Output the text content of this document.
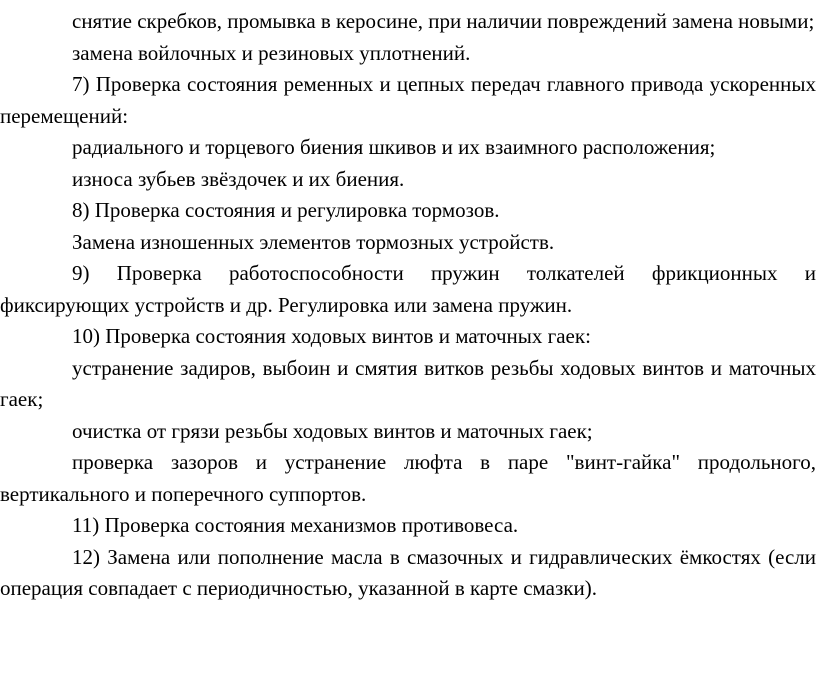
снятие скребков, промывка в керосине, при наличии повреждений замена новыми;

замена войлочных и резиновых уплотнений.

7) Проверка состояния ременных и цепных передач главного привода ускоренных перемещений:

радиального и торцевого биения шкивов и их взаимного расположения;

износа зубьев звёздочек и их биения.

8) Проверка состояния и регулировка тормозов.

Замена изношенных элементов тормозных устройств.

9) Проверка работоспособности пружин толкателей фрикционных и фиксирующих устройств и др. Регулировка или замена пружин.

10) Проверка состояния ходовых винтов и маточных гаек:

устранение задиров, выбоин и смятия витков резьбы ходовых винтов и маточных гаек;

очистка от грязи резьбы ходовых винтов и маточных гаек;

проверка зазоров и устранение люфта в паре "винт-гайка" продольного, вертикального и поперечного суппортов.

11) Проверка состояния механизмов противовеса.

12) Замена или пополнение масла в смазочных и гидравлических ёмкостях (если операция совпадает с периодичностью, указанной в карте смазки).
